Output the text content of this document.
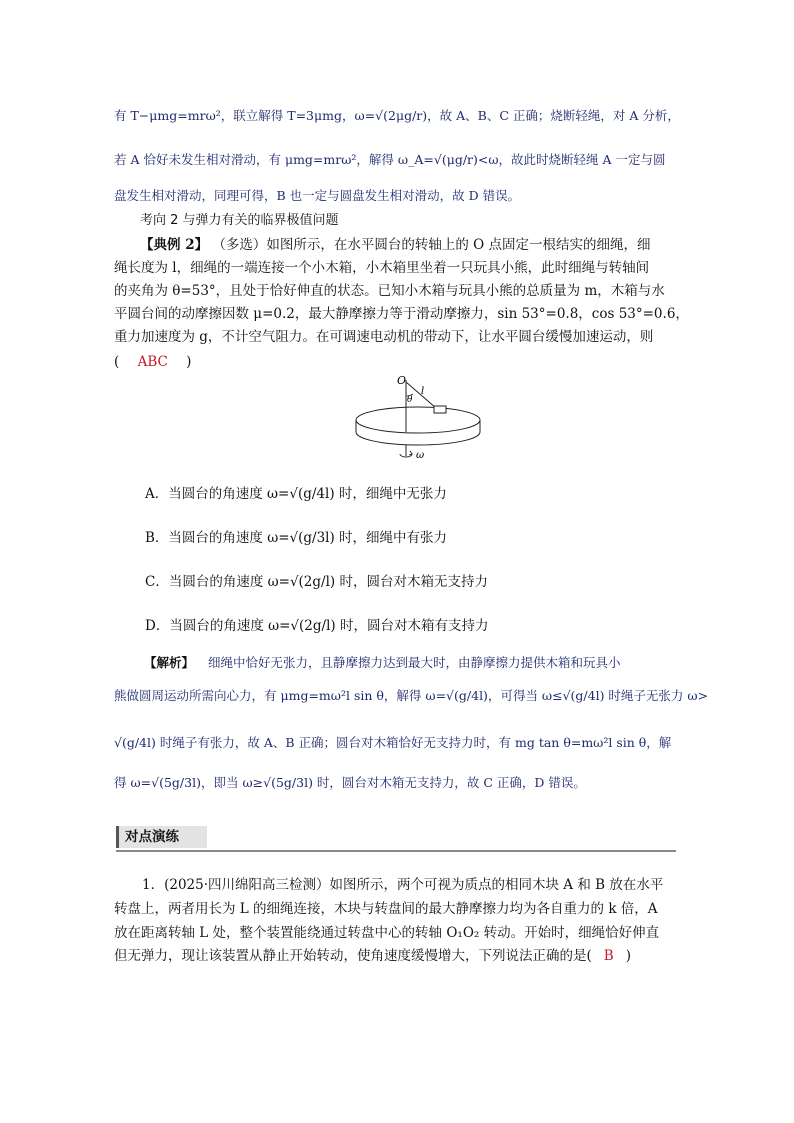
有 T−μmg=mrω²，联立解得 T=3μmg，ω=√(2μg/r)，故 A、B、C 正确；烧断轻绳，对 A 分析，
若 A 恰好未发生相对滑动，有 μmg=mrω²，解得 ω_A=√(μg/r)<ω，故此时烧断轻绳 A 一定与圆
盘发生相对滑动，同理可得，B 也一定与圆盘发生相对滑动，故 D 错误。
考向 2 与弹力有关的临界极值问题
【典例 2】 （多选）如图所示，在水平圆台的转轴上的 O 点固定一根结实的细绳，细
绳长度为 l，细绳的一端连接一个小木箱，小木箱里坐着一只玩具小熊，此时细绳与转轴间
的夹角为 θ=53°，且处于恰好伸直的状态。已知小木箱与玩具小熊的总质量为 m，木箱与水
平圆台间的动摩擦因数 μ=0.2，最大静摩擦力等于滑动摩擦力，sin 53°=0.8，cos 53°=0.6，
重力加速度为 g，不计空气阻力。在可调速电动机的带动下，让水平圆台缓慢加速运动，则
( ABC )
O
θ
l
ω
A．当圆台的角速度 ω=√(g/4l) 时，细绳中无张力
B．当圆台的角速度 ω=√(g/3l) 时，细绳中有张力
C．当圆台的角速度 ω=√(2g/l) 时，圆台对木箱无支持力
D．当圆台的角速度 ω=√(2g/l) 时，圆台对木箱有支持力
【解析】 细绳中恰好无张力，且静摩擦力达到最大时，由静摩擦力提供木箱和玩具小
熊做圆周运动所需向心力，有 μmg=mω²l sin θ，解得 ω=√(g/4l)，可得当 ω≤√(g/4l) 时绳子无张力 ω>
√(g/4l) 时绳子有张力，故 A、B 正确；圆台对木箱恰好无支持力时，有 mg tan θ=mω²l sin θ，解
得 ω=√(5g/3l)，即当 ω≥√(5g/3l) 时，圆台对木箱无支持力，故 C 正确，D 错误。
对点演练
1．(2025·四川绵阳高三检测）如图所示，两个可视为质点的相同木块 A 和 B 放在水平
转盘上，两者用长为 L 的细绳连接，木块与转盘间的最大静摩擦力均为各自重力的 k 倍，A
放在距离转轴 L 处，整个装置能绕通过转盘中心的转轴 O₁O₂ 转动。开始时，细绳恰好伸直
但无弹力，现让该装置从静止开始转动，使角速度缓慢增大，下列说法正确的是( B )
